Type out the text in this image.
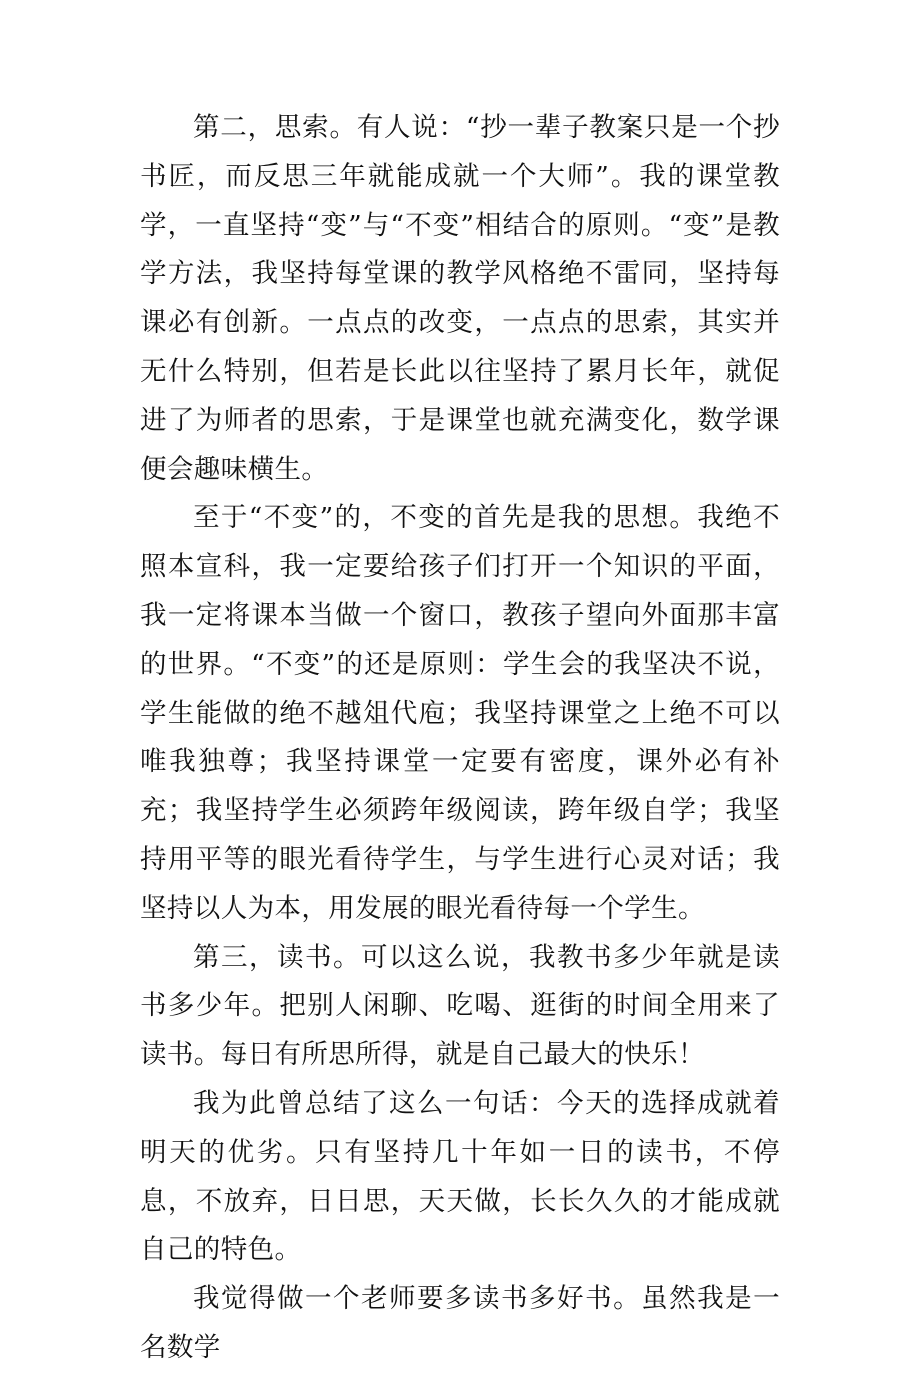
第二，思索。有人说：“抄一辈子教案只是一个抄书匠，而反思三年就能成就一个大师”。我的课堂教学，一直坚持“变”与“不变”相结合的原则。“变”是教学方法，我坚持每堂课的教学风格绝不雷同，坚持每课必有创新。一点点的改变，一点点的思索，其实并无什么特别，但若是长此以往坚持了累月长年，就促进了为师者的思索，于是课堂也就充满变化，数学课便会趣味横生。

至于“不变”的，不变的首先是我的思想。我绝不照本宣科，我一定要给孩子们打开一个知识的平面，我一定将课本当做一个窗口，教孩子望向外面那丰富的世界。“不变”的还是原则：学生会的我坚决不说，学生能做的绝不越俎代庖；我坚持课堂之上绝不可以唯我独尊；我坚持课堂一定要有密度，课外必有补充；我坚持学生必须跨年级阅读，跨年级自学；我坚持用平等的眼光看待学生，与学生进行心灵对话；我坚持以人为本，用发展的眼光看待每一个学生。

第三，读书。可以这么说，我教书多少年就是读书多少年。把别人闲聊、吃喝、逛街的时间全用来了读书。每日有所思所得，就是自己最大的快乐！

我为此曾总结了这么一句话：今天的选择成就着明天的优劣。只有坚持几十年如一日的读书，不停息，不放弃，日日思，天天做，长长久久的才能成就自己的特色。

我觉得做一个老师要多读书多好书。虽然我是一名数学
